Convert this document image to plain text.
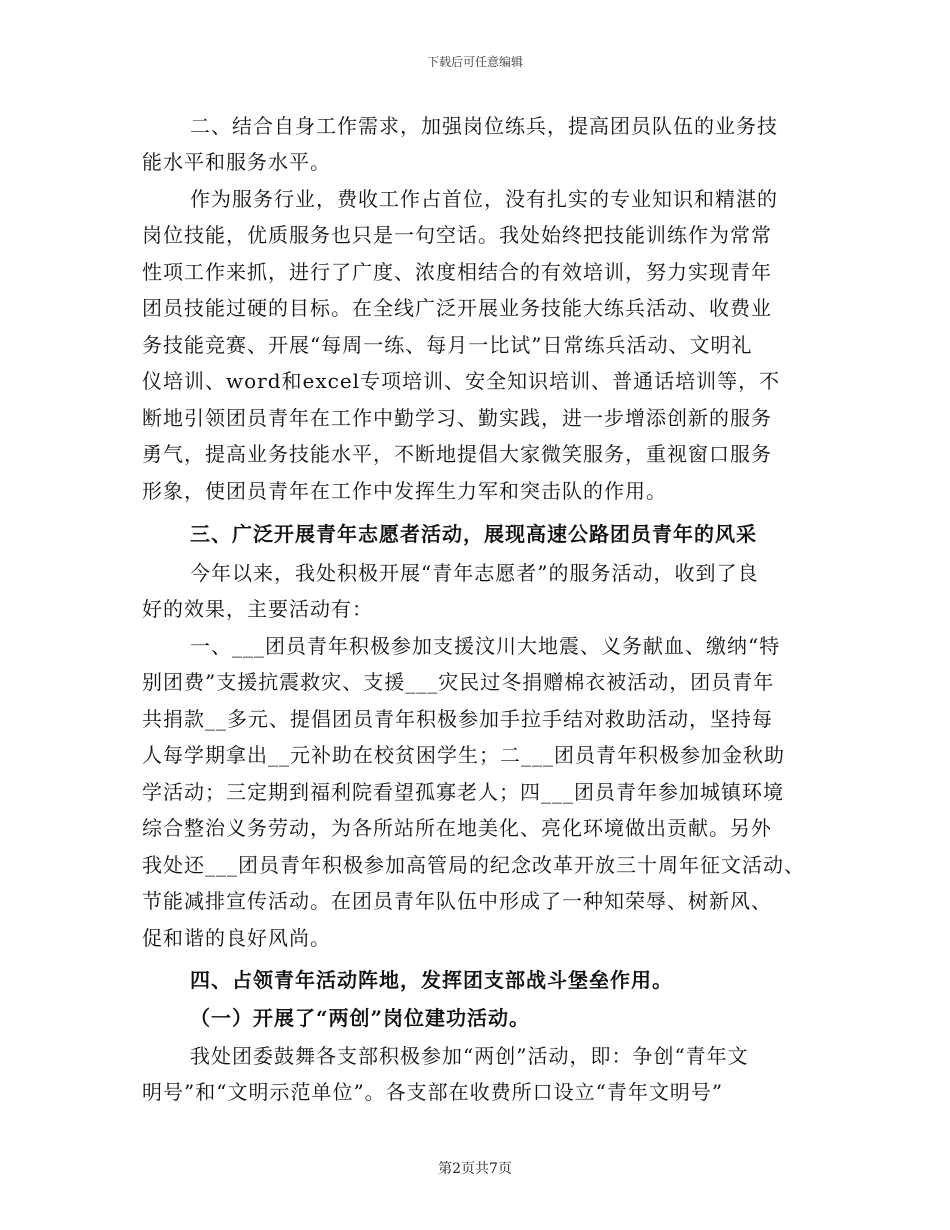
下载后可任意编辑
二、结合自身工作需求，加强岗位练兵，提高团员队伍的业务技
能水平和服务水平。
作为服务行业，费收工作占首位，没有扎实的专业知识和精湛的
岗位技能，优质服务也只是一句空话。我处始终把技能训练作为常常
性项工作来抓，进行了广度、浓度相结合的有效培训，努力实现青年
团员技能过硬的目标。在全线广泛开展业务技能大练兵活动、收费业
务技能竞赛、开展“每周一练、每月一比试”日常练兵活动、文明礼
仪培训、word和excel专项培训、安全知识培训、普通话培训等，不
断地引领团员青年在工作中勤学习、勤实践，进一步增添创新的服务
勇气，提高业务技能水平，不断地提倡大家微笑服务，重视窗口服务
形象，使团员青年在工作中发挥生力军和突击队的作用。
三、广泛开展青年志愿者活动，展现高速公路团员青年的风采
今年以来，我处积极开展“青年志愿者”的服务活动，收到了良
好的效果，主要活动有：
一、___团员青年积极参加支援汶川大地震、义务献血、缴纳“特
别团费”支援抗震救灾、支援___灾民过冬捐赠棉衣被活动，团员青年
共捐款__多元、提倡团员青年积极参加手拉手结对救助活动，坚持每
人每学期拿出__元补助在校贫困学生；二___团员青年积极参加金秋助
学活动；三定期到福利院看望孤寡老人；四___团员青年参加城镇环境
综合整治义务劳动，为各所站所在地美化、亮化环境做出贡献。另外
我处还___团员青年积极参加高管局的纪念改革开放三十周年征文活动、
节能减排宣传活动。在团员青年队伍中形成了一种知荣辱、树新风、
促和谐的良好风尚。
四、占领青年活动阵地，发挥团支部战斗堡垒作用。
（一）开展了“两创”岗位建功活动。
我处团委鼓舞各支部积极参加“两创”活动，即：争创“青年文
明号”和“文明示范单位”。各支部在收费所口设立“青年文明号”
第2页共7页
